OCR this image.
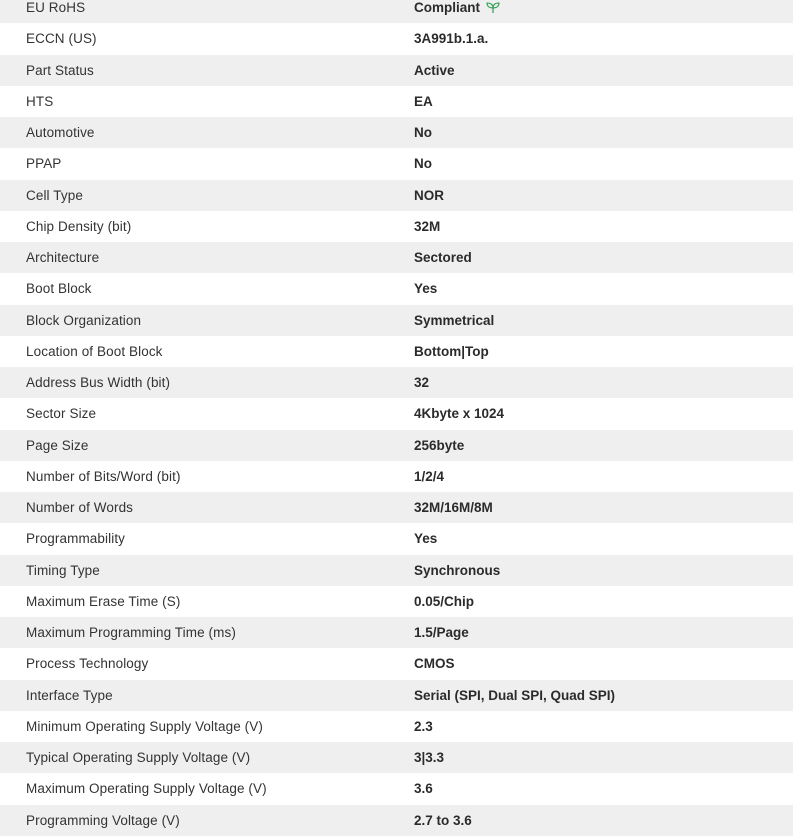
EU RoHS	Compliant
ECCN (US)	3A991b.1.a.
Part Status	Active
HTS	EA
Automotive	No
PPAP	No
Cell Type	NOR
Chip Density (bit)	32M
Architecture	Sectored
Boot Block	Yes
Block Organization	Symmetrical
Location of Boot Block	Bottom|Top
Address Bus Width (bit)	32
Sector Size	4Kbyte x 1024
Page Size	256byte
Number of Bits/Word (bit)	1/2/4
Number of Words	32M/16M/8M
Programmability	Yes
Timing Type	Synchronous
Maximum Erase Time (S)	0.05/Chip
Maximum Programming Time (ms)	1.5/Page
Process Technology	CMOS
Interface Type	Serial (SPI, Dual SPI, Quad SPI)
Minimum Operating Supply Voltage (V)	2.3
Typical Operating Supply Voltage (V)	3|3.3
Maximum Operating Supply Voltage (V)	3.6
Programming Voltage (V)	2.7 to 3.6
